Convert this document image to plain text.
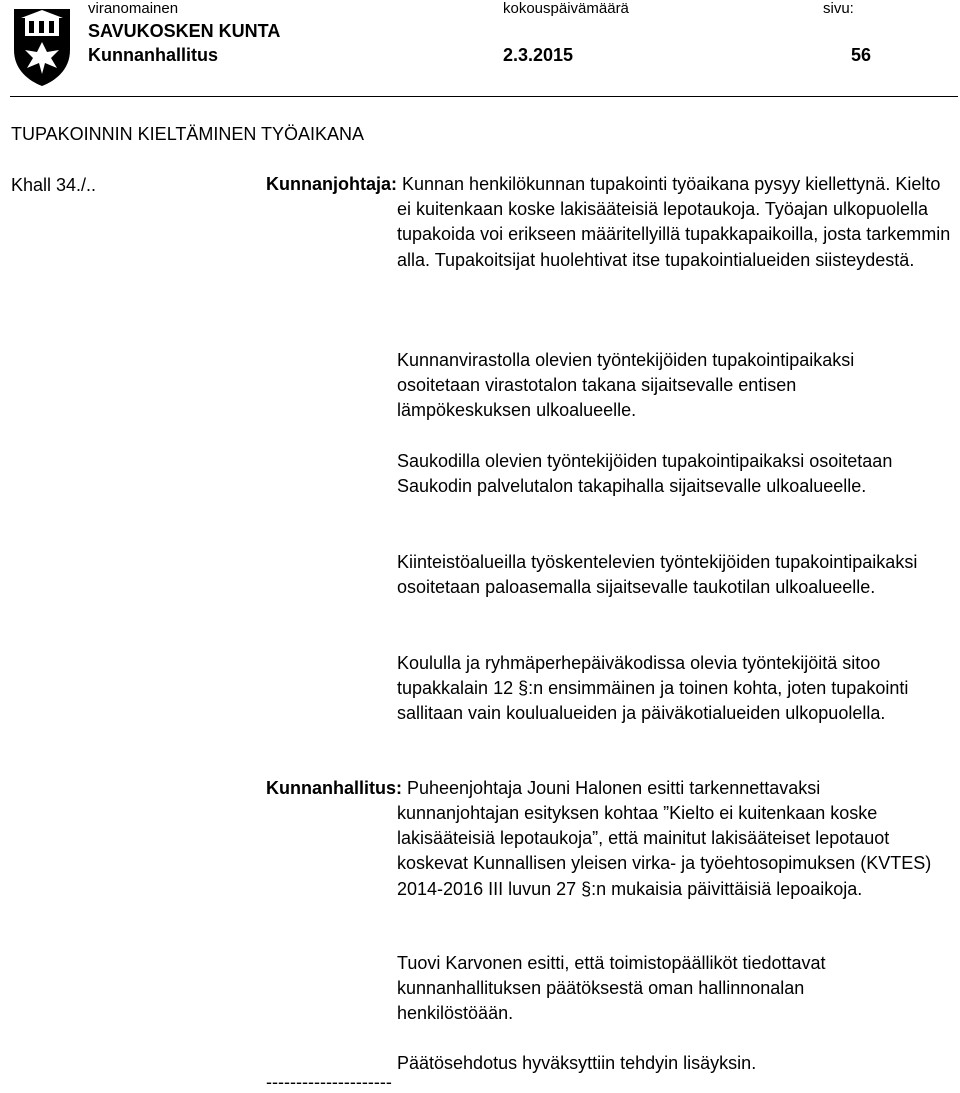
viranomainen	kokouspäivämäärä	sivu:
SAVUKOSKEN KUNTA
Kunnanhallitus	2.3.2015	56
TUPAKOINNIN KIELTÄMINEN TYÖAIKANA
Khall 34./..	Kunnanjohtaja: Kunnan henkilökunnan tupakointi työaikana pysyy kiellettynä. Kielto ei kuitenkaan koske lakisääteisiä lepotaukoja. Työajan ulkopuolella tupakoida voi erikseen määritellyillä tupakkapaikoilla, josta tarkemmin alla. Tupakoitsijat huolehtivat itse tupakointialueiden siisteydestä.

Kunnanvirastolla olevien työntekijöiden tupakointipaikaksi osoitetaan virastotalon takana sijaitsevalle entisen lämpökeskuksen ulkoalueelle.

Saukodilla olevien työntekijöiden tupakointipaikaksi osoitetaan Saukodin palvelutalon takapihalla sijaitsevalle ulkoalueelle.

Kiinteistöalueilla työskentelevien työntekijöiden tupakointipaikaksi osoitetaan paloasemalla sijaitsevalle taukotilan ulkoalueelle.

Koululla ja ryhmäperhepäiväkodissa olevia työntekijöitä sitoo tupakkalain 12 §:n ensimmäinen ja toinen kohta, joten tupakointi sallitaan vain koulualueiden ja päiväkotialueiden ulkopuolella.

Kunnanhallitus: Puheenjohtaja Jouni Halonen esitti tarkennettavaksi

kunnanjohtajan esityksen kohtaa ”Kielto ei kuitenkaan koske lakisääteisiä lepotaukoja”, että mainitut lakisääteiset lepotauot koskevat Kunnallisen yleisen virka- ja työehtosopimuksen (KVTES) 2014-2016 III luvun 27 §:n mukaisia päivittäisiä lepoaikoja.

Tuovi Karvonen esitti, että toimistopäälliköt tiedottavat kunnanhallituksen päätöksestä oman hallinnonalan henkilöstöään.

Päätösehdotus hyväksyttiin tehdyin lisäyksin.

---------------------
